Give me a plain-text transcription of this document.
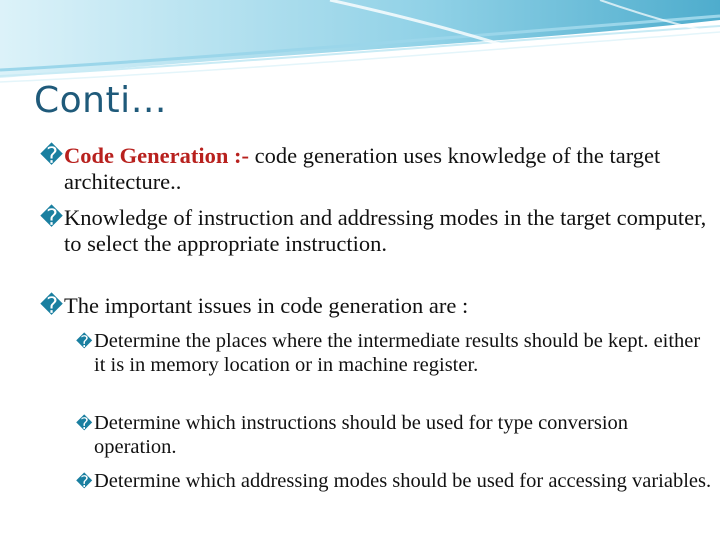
Conti…

�Code Generation :- code generation uses knowledge of the target architecture..

�Knowledge of instruction and addressing modes in the target computer, to select the appropriate instruction.

�The important issues in code generation are :

�Determine the places where the intermediate results should be kept. either it is in memory location or in machine register.

�Determine which instructions should be used for type conversion operation.

�Determine which addressing modes should be used for accessing variables.
